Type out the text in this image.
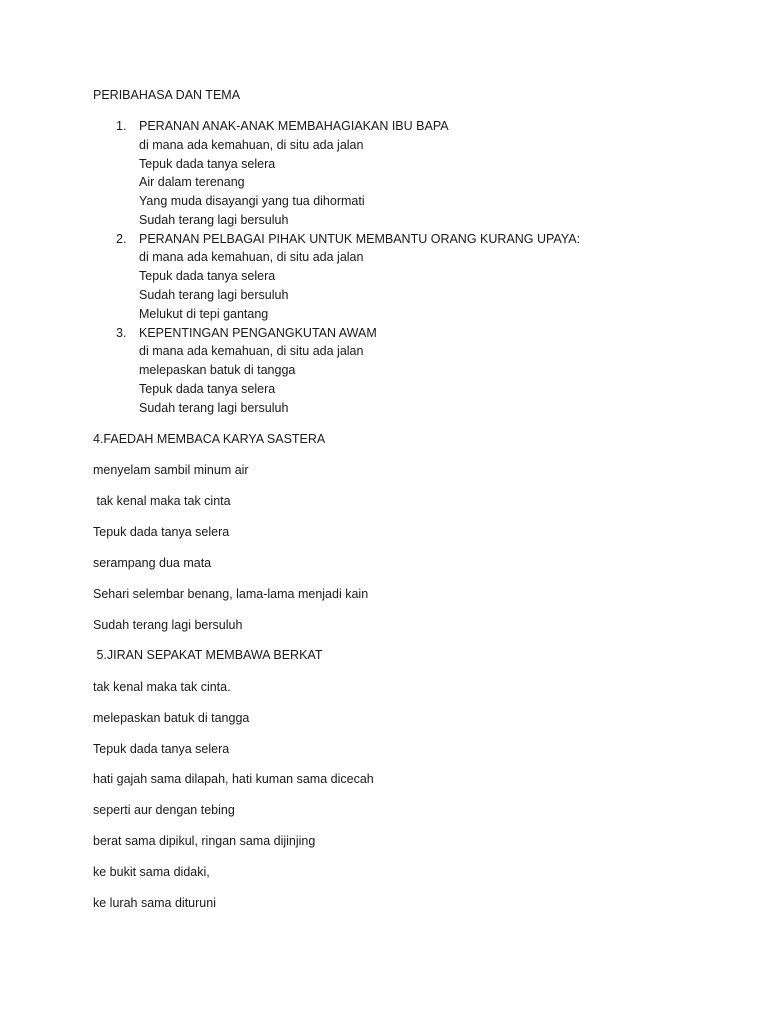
PERIBAHASA DAN TEMA
1. PERANAN ANAK-ANAK MEMBAHAGIAKAN IBU BAPA
di mana ada kemahuan, di situ ada jalan
Tepuk dada tanya selera
Air dalam terenang
Yang muda disayangi yang tua dihormati
Sudah terang lagi bersuluh
2. PERANAN PELBAGAI PIHAK UNTUK MEMBANTU ORANG KURANG UPAYA:
di mana ada kemahuan, di situ ada jalan
Tepuk dada tanya selera
Sudah terang lagi bersuluh
Melukut di tepi gantang
3. KEPENTINGAN PENGANGKUTAN AWAM
di mana ada kemahuan, di situ ada jalan
melepaskan batuk di tangga
Tepuk dada tanya selera
Sudah terang lagi bersuluh
4.FAEDAH MEMBACA KARYA SASTERA
menyelam sambil minum air
tak kenal maka tak cinta
Tepuk dada tanya selera
serampang dua mata
Sehari selembar benang, lama-lama menjadi kain
Sudah terang lagi bersuluh
5.JIRAN SEPAKAT MEMBAWA BERKAT
tak kenal maka tak cinta.
melepaskan batuk di tangga
Tepuk dada tanya selera
hati gajah sama dilapah, hati kuman sama dicecah
seperti aur dengan tebing
berat sama dipikul, ringan sama dijinjing
ke bukit sama didaki,
ke lurah sama dituruni
